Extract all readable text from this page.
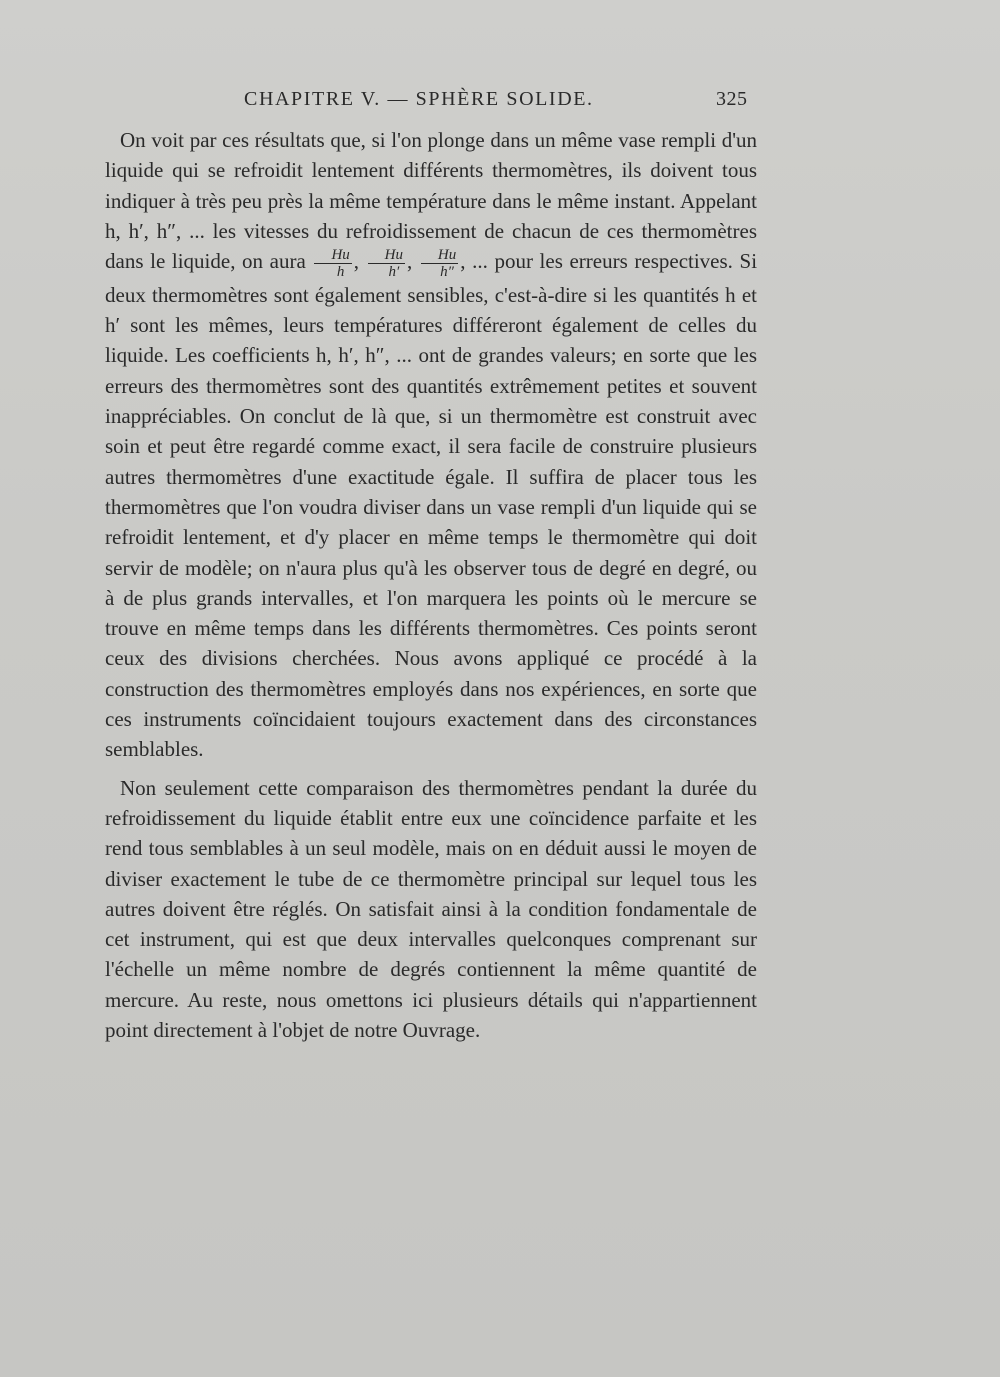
CHAPITRE V. — SPHÈRE SOLIDE.	325

On voit par ces résultats que, si l'on plonge dans un même vase rempli d'un liquide qui se refroidit lentement différents thermomètres, ils doivent tous indiquer à très peu près la même température dans le même instant. Appelant h, h′, h″, ... les vitesses du refroidissement de chacun de ces thermomètres dans le liquide, on aura $\frac{Hu}{h}$ , $\frac{Hu}{h'}$ , $\frac{Hu}{h''}$ , ... pour les erreurs respectives. Si deux thermomètres sont également sensibles, c'est-à-dire si les quantités h et h′ sont les mêmes, leurs températures différeront également de celles du liquide. Les coefficients h, h′, h″, ... ont de grandes valeurs; en sorte que les erreurs des thermomètres sont des quantités extrêmement petites et souvent inappréciables. On conclut de là que, si un thermomètre est construit avec soin et peut être regardé comme exact, il sera facile de construire plusieurs autres thermomètres d'une exactitude égale. Il suffira de placer tous les thermomètres que l'on voudra diviser dans un vase rempli d'un liquide qui se refroidit lentement, et d'y placer en même temps le thermomètre qui doit servir de modèle; on n'aura plus qu'à les observer tous de degré en degré, ou à de plus grands intervalles, et l'on marquera les points où le mercure se trouve en même temps dans les différents thermomètres. Ces points seront ceux des divisions cherchées. Nous avons appliqué ce procédé à la construction des thermomètres employés dans nos expériences, en sorte que ces instruments coïncidaient toujours exactement dans des circonstances semblables.

Non seulement cette comparaison des thermomètres pendant la durée du refroidissement du liquide établit entre eux une coïncidence parfaite et les rend tous semblables à un seul modèle, mais on en déduit aussi le moyen de diviser exactement le tube de ce thermomètre principal sur lequel tous les autres doivent être réglés. On satisfait ainsi à la condition fondamentale de cet instrument, qui est que deux intervalles quelconques comprenant sur l'échelle un même nombre de degrés contiennent la même quantité de mercure. Au reste, nous omettons ici plusieurs détails qui n'appartiennent point directement à l'objet de notre Ouvrage.
